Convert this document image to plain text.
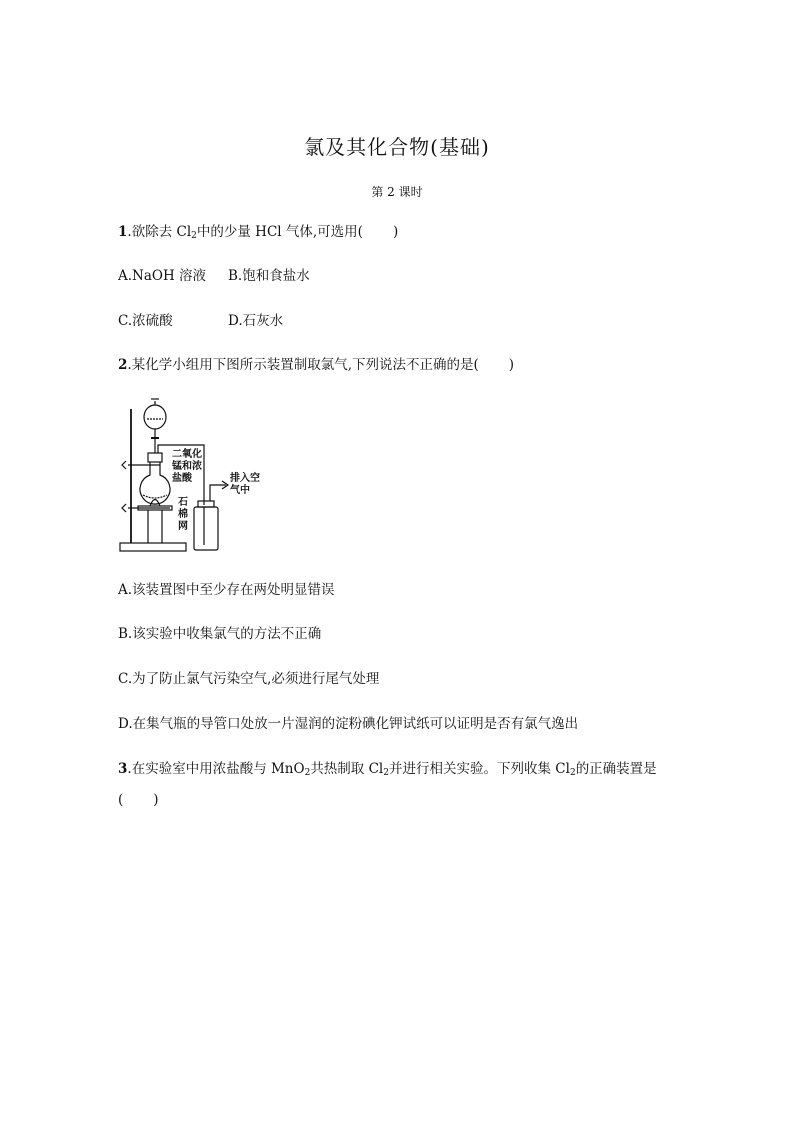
氯及其化合物(基础)
第 2 课时
1.欲除去 $Cl_2$中的少量 HCl 气体,可选用( )
A.NaOH 溶液 B.饱和食盐水
C.浓硫酸	D.石灰水
2.某化学小组用下图所示装置制取氯气,下列说法不正确的是( )
二氧化
锰和浓
盐酸
石
棉
网
排入空
气中
A.该装置图中至少存在两处明显错误
B.该实验中收集氯气的方法不正确
C.为了防止氯气污染空气,必须进行尾气处理
D.在集气瓶的导管口处放一片湿润的淀粉碘化钾试纸可以证明是否有氯气逸出
3.在实验室中用浓盐酸与 MnO$_2$共热制取 $Cl_2$并进行相关实验。下列收集 $Cl_2$的正确装置是
( )
